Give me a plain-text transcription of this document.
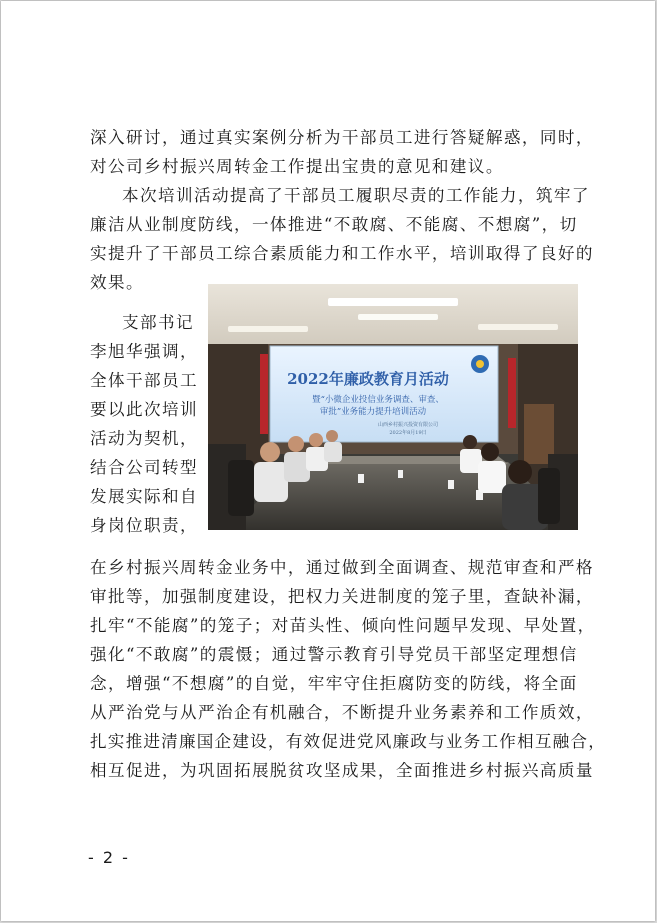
深入研讨，通过真实案例分析为干部员工进行答疑解惑，同时，
对公司乡村振兴周转金工作提出宝贵的意见和建议。
本次培训活动提高了干部员工履职尽责的工作能力，筑牢了
廉洁从业制度防线，一体推进“不敢腐、不能腐、不想腐”，切
实提升了干部员工综合素质能力和工作水平，培训取得了良好的
效果。
支部书记
李旭华强调，
全体干部员工
要以此次培训
活动为契机，
结合公司转型
发展实际和自
身岗位职责，
在乡村振兴周转金业务中，通过做到全面调查、规范审查和严格
审批等，加强制度建设，把权力关进制度的笼子里，查缺补漏，
扎牢“不能腐”的笼子；对苗头性、倾向性问题早发现、早处置，
强化“不敢腐”的震慑；通过警示教育引导党员干部坚定理想信
念，增强“不想腐”的自觉，牢牢守住拒腐防变的防线，将全面
从严治党与从严治企有机融合，不断提升业务素养和工作质效，
扎实推进清廉国企建设，有效促进党风廉政与业务工作相互融合，
相互促进，为巩固拓展脱贫攻坚成果，全面推进乡村振兴高质量
2022年廉政教育月活动
暨“小微企业投信业务调查、审查、
审批”业务能力提升培训活动
山西乡村振兴投资有限公司
2022年8月19日
- 2 -
